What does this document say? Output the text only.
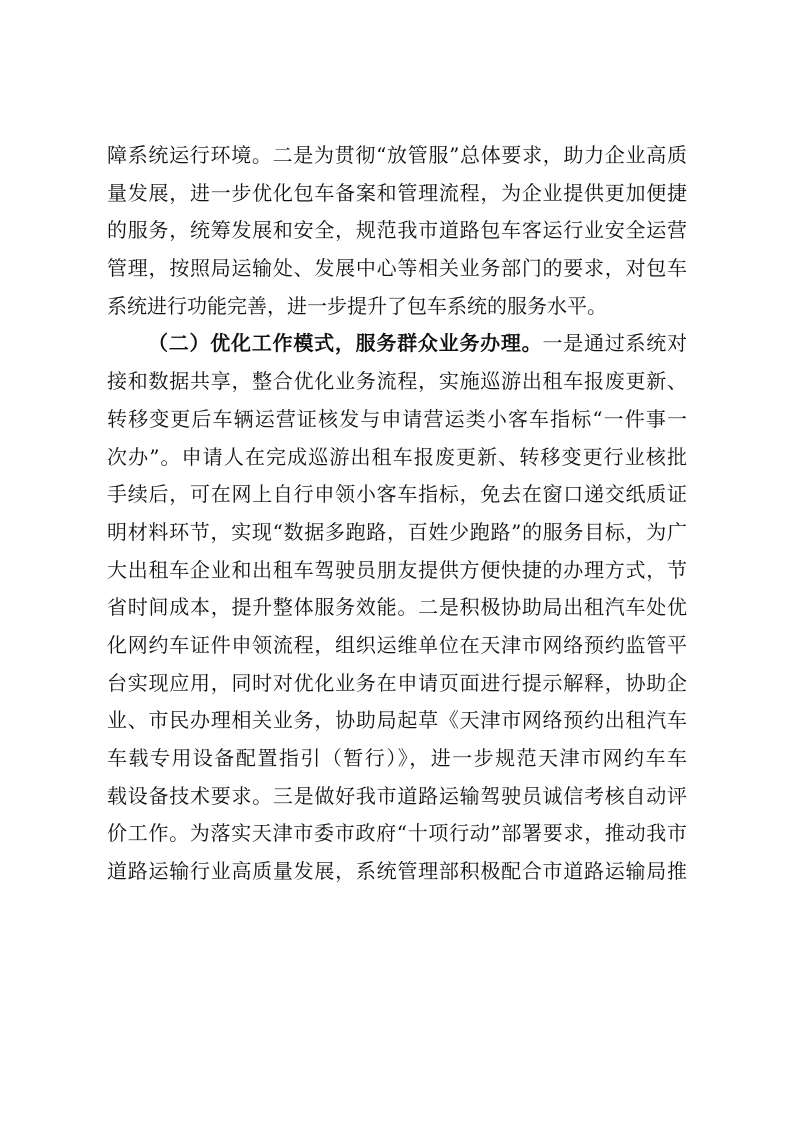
障系统运行环境。二是为贯彻“放管服”总体要求，助力企业高质
量发展，进一步优化包车备案和管理流程，为企业提供更加便捷
的服务，统筹发展和安全，规范我市道路包车客运行业安全运营
管理，按照局运输处、发展中心等相关业务部门的要求，对包车
系统进行功能完善，进一步提升了包车系统的服务水平。
（二）优化工作模式，服务群众业务办理。一是通过系统对
接和数据共享，整合优化业务流程，实施巡游出租车报废更新、
转移变更后车辆运营证核发与申请营运类小客车指标“一件事一
次办”。申请人在完成巡游出租车报废更新、转移变更行业核批
手续后，可在网上自行申领小客车指标，免去在窗口递交纸质证
明材料环节，实现“数据多跑路，百姓少跑路”的服务目标，为广
大出租车企业和出租车驾驶员朋友提供方便快捷的办理方式，节
省时间成本，提升整体服务效能。二是积极协助局出租汽车处优
化网约车证件申领流程，组织运维单位在天津市网络预约监管平
台实现应用，同时对优化业务在申请页面进行提示解释，协助企
业、市民办理相关业务，协助局起草《天津市网络预约出租汽车
车载专用设备配置指引（暂行）》，进一步规范天津市网约车车
载设备技术要求。三是做好我市道路运输驾驶员诚信考核自动评
价工作。为落实天津市委市政府“十项行动”部署要求，推动我市
道路运输行业高质量发展，系统管理部积极配合市道路运输局推
